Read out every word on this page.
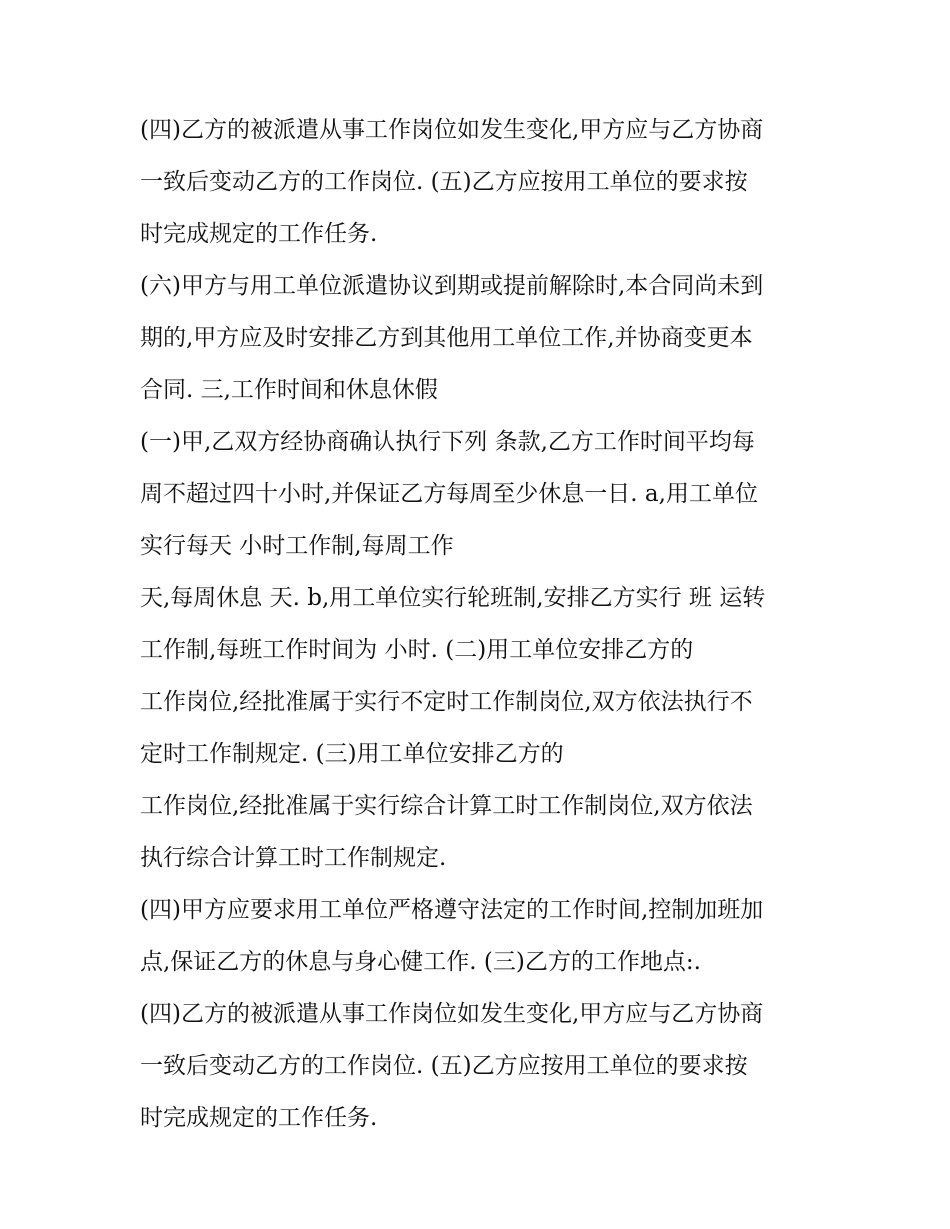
(四)乙方的被派遣从事工作岗位如发生变化,甲方应与乙方协商
一致后变动乙方的工作岗位. (五)乙方应按用工单位的要求按
时完成规定的工作任务.
(六)甲方与用工单位派遣协议到期或提前解除时,本合同尚未到
期的,甲方应及时安排乙方到其他用工单位工作,并协商变更本
合同. 三,工作时间和休息休假
(一)甲,乙双方经协商确认执行下列 条款,乙方工作时间平均每
周不超过四十小时,并保证乙方每周至少休息一日. a,用工单位
实行每天 小时工作制,每周工作
天,每周休息 天. b,用工单位实行轮班制,安排乙方实行 班 运转
工作制,每班工作时间为 小时. (二)用工单位安排乙方的
工作岗位,经批准属于实行不定时工作制岗位,双方依法执行不
定时工作制规定. (三)用工单位安排乙方的
工作岗位,经批准属于实行综合计算工时工作制岗位,双方依法
执行综合计算工时工作制规定.
(四)甲方应要求用工单位严格遵守法定的工作时间,控制加班加
点,保证乙方的休息与身心健工作. (三)乙方的工作地点:.
(四)乙方的被派遣从事工作岗位如发生变化,甲方应与乙方协商
一致后变动乙方的工作岗位. (五)乙方应按用工单位的要求按
时完成规定的工作任务.
